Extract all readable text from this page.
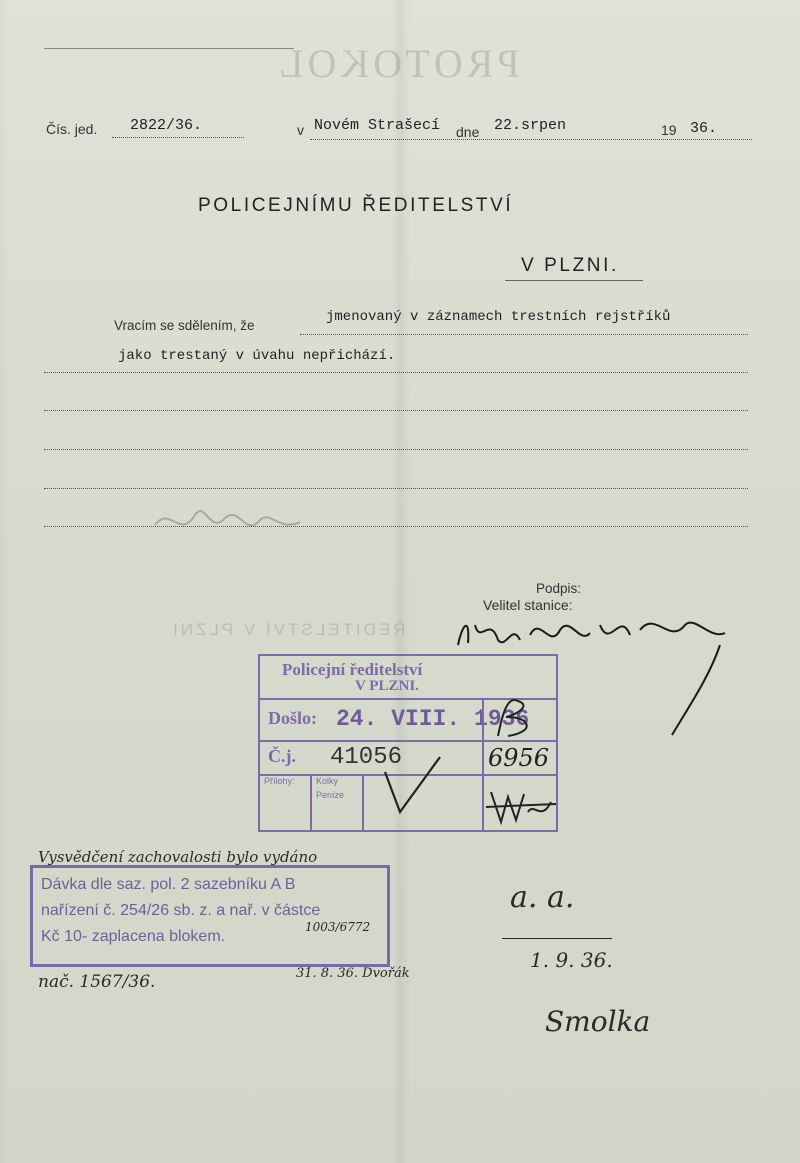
PROTOKOL
Čís. jed. 2822/36.	v Novém Strašecí dne 22.srpen	19 36.
POLICEJNÍMU ŘEDITELSTVÍ
V PLZNI.
Vracím se sdělením, že
jmenovaný v záznamech trestních rejstříků
jako trestaný v úvahu nepřichází.
Podpis:
Velitel stanice:
ŘEDITELSTVÍ V PLZNI
Policejní ředitelství
V PLZNI.
Došlo: 24. VIII. 1936
Č.j. 41056	6956
Přílohy: Kolky
Peníze
Vysvědčení zachovalosti bylo vydáno
Dávka dle saz. pol. 2 sazebníku A B
nařízení č. 254/26 sb. z. a nař. v částce
Kč 10- zaplacena blokem.
1003/6772
nač. 1567/36.	31. 8. 36. Dvořák
a. a.
1. 9. 36.
Smolka
